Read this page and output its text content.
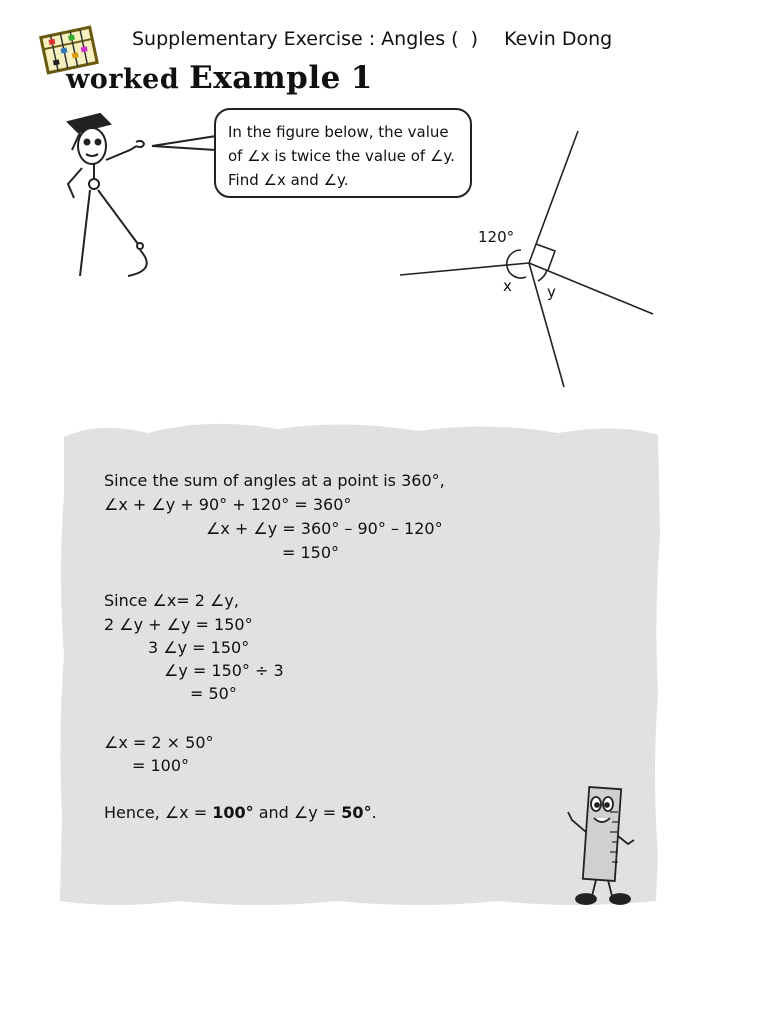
Supplementary Exercise : Angles (  ) Kevin Dong
worked Example 1
In the figure below, the value
of ∠x is twice the value of ∠y.
Find ∠x and ∠y.
120°
x y
Since the sum of angles at a point is 360°,
∠x + ∠y + 90° + 120° = 360°
∠x + ∠y = 360° – 90° – 120°
= 150°
Since ∠x= 2 ∠y,
2 ∠y + ∠y = 150°
3 ∠y = 150°
∠y = 150° ÷ 3
= 50°
∠x = 2 × 50°
= 100°
Hence, ∠x = 100° and ∠y = 50°.
